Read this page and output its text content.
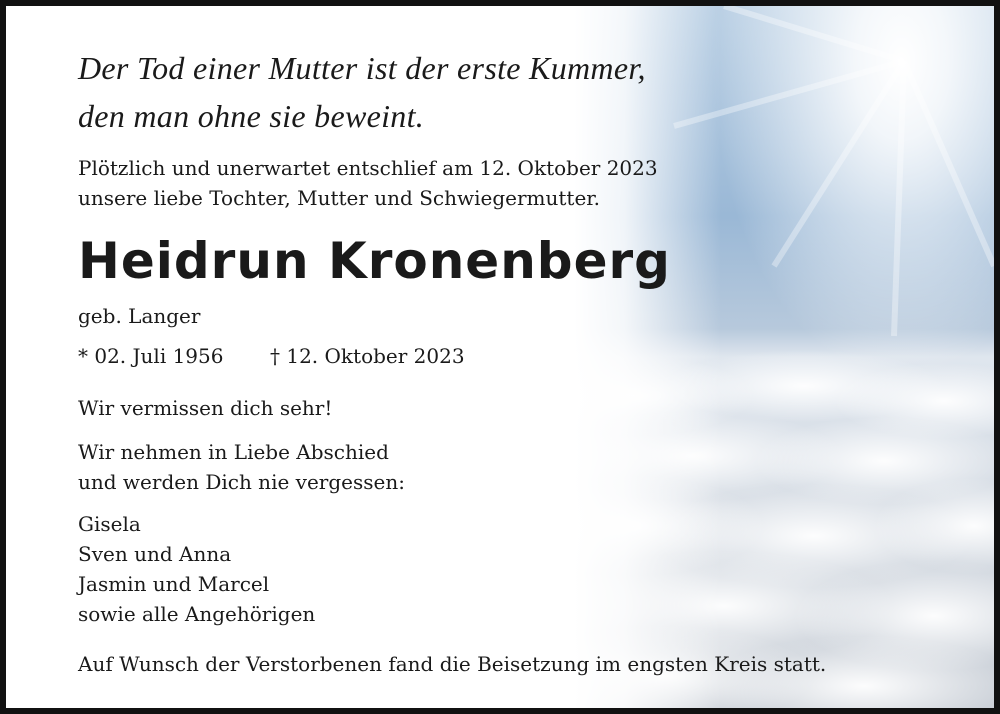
Der Tod einer Mutter ist der erste Kummer,
den man ohne sie beweint.
Plötzlich und unerwartet entschlief am 12. Oktober 2023
unsere liebe Tochter, Mutter und Schwiegermutter.
Heidrun Kronenberg
geb. Langer
* 02. Juli 1956 † 12. Oktober 2023
Wir vermissen dich sehr!
Wir nehmen in Liebe Abschied
und werden Dich nie vergessen:
Gisela
Sven und Anna
Jasmin und Marcel
sowie alle Angehörigen
Auf Wunsch der Verstorbenen fand die Beisetzung im engsten Kreis statt.
